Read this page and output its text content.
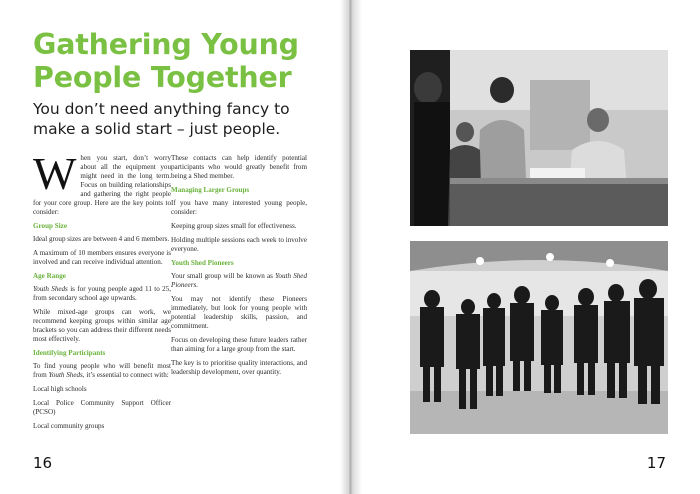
Gathering Young
People Together

You don’t need anything fancy to make a solid start – just people.

When you start, don’t worry about all the equipment you might need in the long term. Focus on building relationships and gathering the right people for your core group. Here are the key points to consider:

Group Size

Ideal group sizes are between 4 and 6 members.

A maximum of 10 members ensures everyone is involved and can receive individual attention.

Age Range

Youth Sheds is for young people aged 11 to 25, from secondary school age upwards.

While mixed-age groups can work, we recommend keeping groups within similar age brackets so you can address their different needs most effectively.

Identifying Participants

To find young people who will benefit most from Youth Sheds, it’s essential to connect with:

Local high schools

Local Police Community Support Officer (PCSO)

Local community groups

These contacts can help identify potential participants who would greatly benefit from being a Shed member.

Managing Larger Groups

If you have many interested young people, consider:

Keeping group sizes small for effectiveness.

Holding multiple sessions each week to involve everyone.

Youth Shed Pioneers

Your small group will be known as Youth Shed Pioneers.

You may not identify these Pioneers immediately, but look for young people with potential leadership skills, passion, and commitment.

Focus on developing these future leaders rather than aiming for a large group from the start.

The key is to prioritise quality interactions, and leadership development, over quantity.

16	17
